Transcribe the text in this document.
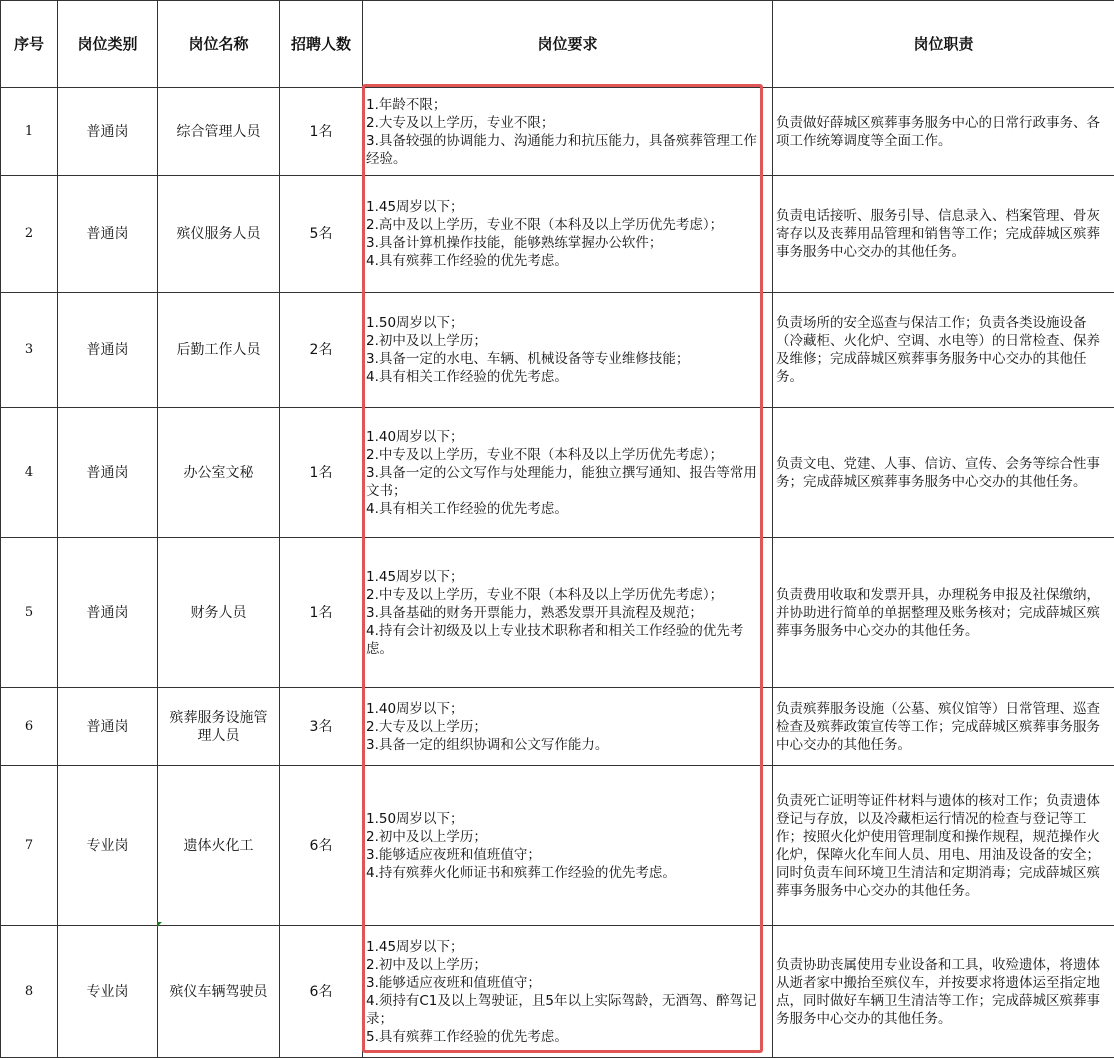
序号	岗位类别	岗位名称	招聘人数	岗位要求	岗位职责
1	普通岗	综合管理人员	1名	1.年龄不限；
2.大专及以上学历，专业不限；
3.具备较强的协调能力、沟通能力和抗压能力，具备殡葬管理工作经验。	负责做好薛城区殡葬事务服务中心的日常行政事务、各项工作统筹调度等全面工作。

2	普通岗	殡仪服务人员	5名	1.45周岁以下；
2.高中及以上学历，专业不限（本科及以上学历优先考虑）；
3.具备计算机操作技能，能够熟练掌握办公软件；
4.具有殡葬工作经验的优先考虑。	负责电话接听、服务引导、信息录入、档案管理、骨灰寄存以及丧葬用品管理和销售等工作；完成薛城区殡葬事务服务中心交办的其他任务。

3	普通岗	后勤工作人员	2名	1.50周岁以下；
2.初中及以上学历；
3.具备一定的水电、车辆、机械设备等专业维修技能；
4.具有相关工作经验的优先考虑。	负责场所的安全巡查与保洁工作；负责各类设施设备（冷藏柜、火化炉、空调、水电等）的日常检查、保养及维修；完成薛城区殡葬事务服务中心交办的其他任务。

4	普通岗	办公室文秘	1名	1.40周岁以下；
2.中专及以上学历，专业不限（本科及以上学历优先考虑）；
3.具备一定的公文写作与处理能力，能独立撰写通知、报告等常用文书；
4.具有相关工作经验的优先考虑。	负责文电、党建、人事、信访、宣传、会务等综合性事务；完成薛城区殡葬事务服务中心交办的其他任务。

5	普通岗	财务人员	1名	1.45周岁以下；
2.中专及以上学历，专业不限（本科及以上学历优先考虑）；
3.具备基础的财务开票能力，熟悉发票开具流程及规范；
4.持有会计初级及以上专业技术职称者和相关工作经验的优先考虑。	负责费用收取和发票开具，办理税务申报及社保缴纳，并协助进行简单的单据整理及账务核对；完成薛城区殡葬事务服务中心交办的其他任务。

6	普通岗	殡葬服务设施管理人员	3名	1.40周岁以下；
2.大专及以上学历；
3.具备一定的组织协调和公文写作能力。	负责殡葬服务设施（公墓、殡仪馆等）日常管理、巡查检查及殡葬政策宣传等工作；完成薛城区殡葬事务服务中心交办的其他任务。

7	专业岗	遗体火化工	6名	1.50周岁以下；
2.初中及以上学历；
3.能够适应夜班和值班值守；
4.持有殡葬火化师证书和殡葬工作经验的优先考虑。	负责死亡证明等证件材料与遗体的核对工作；负责遗体登记与存放，以及冷藏柜运行情况的检查与登记等工作；按照火化炉使用管理制度和操作规程，规范操作火化炉，保障火化车间人员、用电、用油及设备的安全；同时负责车间环境卫生清洁和定期消毒；完成薛城区殡葬事务服务中心交办的其他任务。

8	专业岗	殡仪车辆驾驶员	6名	1.45周岁以下；
2.初中及以上学历；
3.能够适应夜班和值班值守；
4.须持有C1及以上驾驶证，且5年以上实际驾龄，无酒驾、醉驾记录；
5.具有殡葬工作经验的优先考虑。	负责协助丧属使用专业设备和工具，收殓遗体，将遗体从逝者家中搬抬至殡仪车，并按要求将遗体运至指定地点，同时做好车辆卫生清洁等工作；完成薛城区殡葬事务服务中心交办的其他任务。
